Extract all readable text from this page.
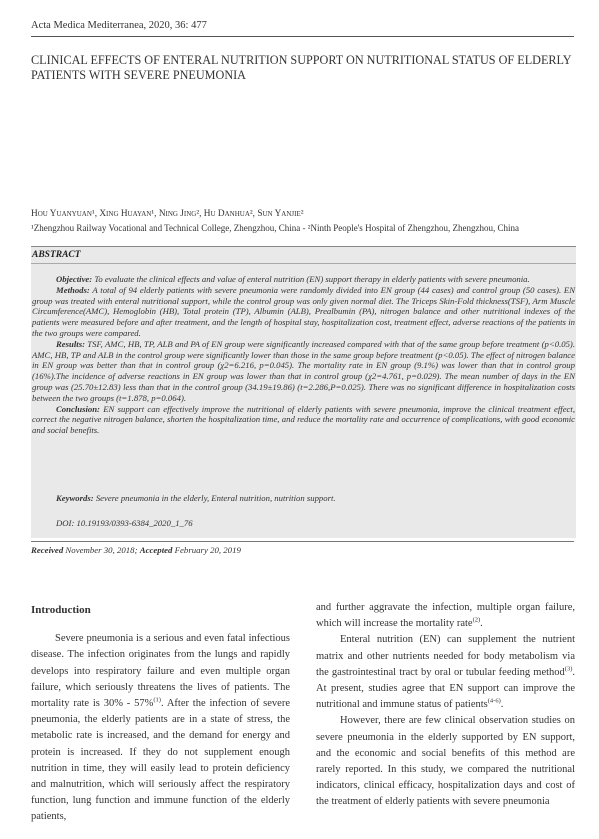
Acta Medica Mediterranea, 2020, 36: 477
CLINICAL EFFECTS OF ENTERAL NUTRITION SUPPORT ON NUTRITIONAL STATUS OF ELDERLY PATIENTS WITH SEVERE PNEUMONIA
Hou Yuanyuan¹, Xing Huayan¹, Ning Jing², Hu Danhua², Sun Yanjie²
¹Zhengzhou Railway Vocational and Technical College, Zhengzhou, China - ²Ninth People's Hospital of Zhengzhou, Zhengzhou, China
ABSTRACT

Objective: To evaluate the clinical effects and value of enteral nutrition (EN) support therapy in elderly patients with severe pneumonia.

Methods: A total of 94 elderly patients with severe pneumonia were randomly divided into EN group (44 cases) and control group (50 cases). EN group was treated with enteral nutritional support, while the control group was only given normal diet. The Triceps Skin-Fold thickness(TSF), Arm Muscle Circumference(AMC), Hemoglobin (HB), Total protein (TP), Albumin (ALB), Prealbumin (PA), nitrogen balance and other nutritional indexes of the patients were measured before and after treatment, and the length of hospital stay, hospitalization cost, treatment effect, adverse reactions of the patients in the two groups were compared.

Results: TSF, AMC, HB, TP, ALB and PA of EN group were significantly increased compared with that of the same group before treatment (p<0.05). AMC, HB, TP and ALB in the control group were significantly lower than those in the same group before treatment (p<0.05). The effect of nitrogen balance in EN group was better than that in control group (χ2=6.216, p=0.045). The mortality rate in EN group (9.1%) was lower than that in control group (16%).The incidence of adverse reactions in EN group was lower than that in control group (χ2=4.761, p=0.029). The mean number of days in the EN group was (25.70±12.83) less than that in the control group (34.19±19.86) (t=2.286,P=0.025). There was no significant difference in hospitalization costs between the two groups (t=1.878, p=0.064).

Conclusion: EN support can effectively improve the nutritional of elderly patients with severe pneumonia, improve the clinical treatment effect, correct the negative nitrogen balance, shorten the hospitalization time, and reduce the mortality rate and occurrence of complications, with good economic and social benefits.

Keywords: Severe pneumonia in the elderly, Enteral nutrition, nutrition support.
DOI: 10.19193/0393-6384_2020_1_76
Received November 30, 2018; Accepted February 20, 2019
Introduction

Severe pneumonia is a serious and even fatal infectious disease. The infection originates from the lungs and rapidly develops into respiratory failure and even multiple organ failure, which seriously threatens the lives of patients. The mortality rate is 30% - 57%$^{(1)}$. After the infection of severe pneumonia, the elderly patients are in a state of stress, the metabolic rate is increased, and the demand for energy and protein is increased. If they do not supplement enough nutrition in time, they will easily lead to protein deficiency and malnutrition, which will seriously affect the respiratory function, lung function and immune function of the elderly patients,

and further aggravate the infection, multiple organ failure, which will increase the mortality rate$^{(2)}$.

Enteral nutrition (EN) can supplement the nutrient matrix and other nutrients needed for body metabolism via the gastrointestinal tract by oral or tubular feeding method$^{(3)}$. At present, studies agree that EN support can improve the nutritional and immune status of patients$^{(4-6)}$.

However, there are few clinical observation studies on severe pneumonia in the elderly supported by EN support, and the economic and social benefits of this method are rarely reported. In this study, we compared the nutritional indicators, clinical efficacy, hospitalization days and cost of the treatment of elderly patients with severe pneumonia
